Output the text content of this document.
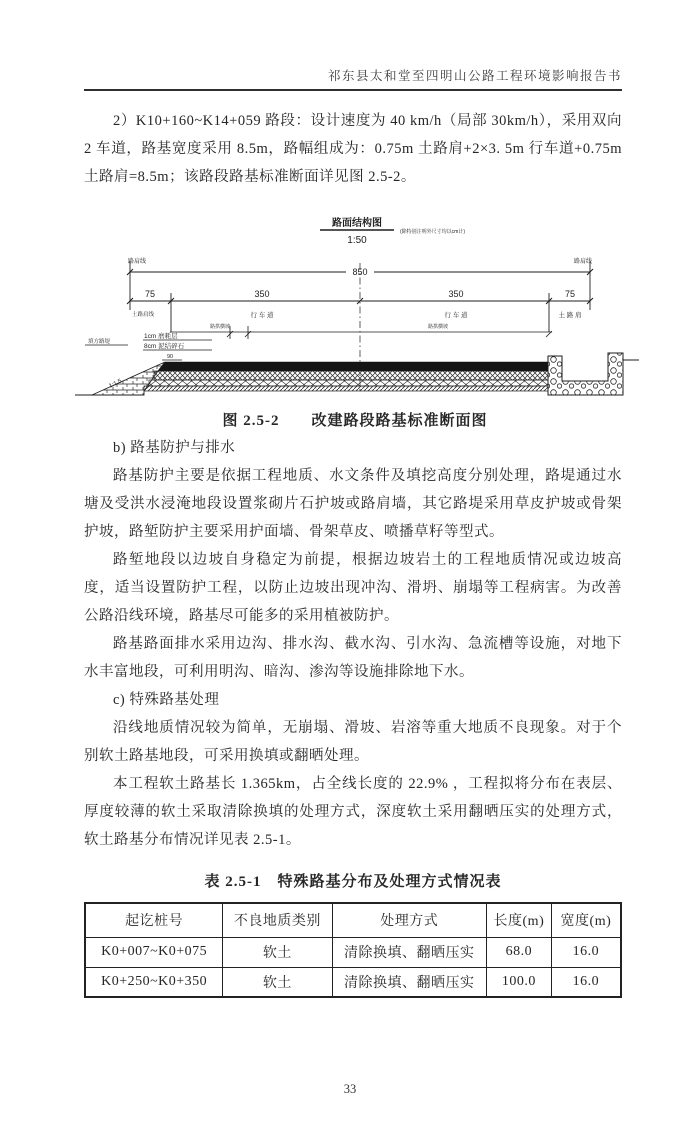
祁东县太和堂至四明山公路工程环境影响报告书

2）K10+160~K14+059 路段：设计速度为 40 km/h（局部 30km/h），采用双向 2 车道，路基宽度采用 8.5m，路幅组成为：0.75m 土路肩+2×3. 5m 行车道+0.75m 土路肩=8.5m；该路段路基标准断面详见图 2.5-2。

路面结构图
1:50
(除特别注明外尺寸均以cm计)
路肩线	路肩线
850
75	350	350	75
土路肩线	行 车 道	行 车 道	土 路 肩
路拱横坡	路拱横坡
1cm 磨耗层
8cm 泥结碎石
90
填方路堤
1:1.5
图 2.5-2　　改建路段路基标准断面图

b) 路基防护与排水

路基防护主要是依据工程地质、水文条件及填挖高度分别处理，路堤通过水塘及受洪水浸淹地段设置浆砌片石护坡或路肩墙，其它路堤采用草皮护坡或骨架护坡，路堑防护主要采用护面墙、骨架草皮、喷播草籽等型式。

路堑地段以边坡自身稳定为前提，根据边坡岩土的工程地质情况或边坡高度，适当设置防护工程，以防止边坡出现冲沟、滑坍、崩塌等工程病害。为改善公路沿线环境，路基尽可能多的采用植被防护。

路基路面排水采用边沟、排水沟、截水沟、引水沟、急流槽等设施，对地下水丰富地段，可利用明沟、暗沟、渗沟等设施排除地下水。

c) 特殊路基处理

沿线地质情况较为简单，无崩塌、滑坡、岩溶等重大地质不良现象。对于个别软土路基地段，可采用换填或翻晒处理。

本工程软土路基长 1.365km，占全线长度的 22.9% ，工程拟将分布在表层、厚度较薄的软土采取清除换填的处理方式，深度软土采用翻晒压实的处理方式，软土路基分布情况详见表 2.5-1。

表 2.5-1　特殊路基分布及处理方式情况表
起讫桩号	不良地质类别	处理方式	长度(m)	宽度(m)
K0+007~K0+075	软土	清除换填、翻晒压实	68.0	16.0
K0+250~K0+350	软土	清除换填、翻晒压实	100.0	16.0
33
